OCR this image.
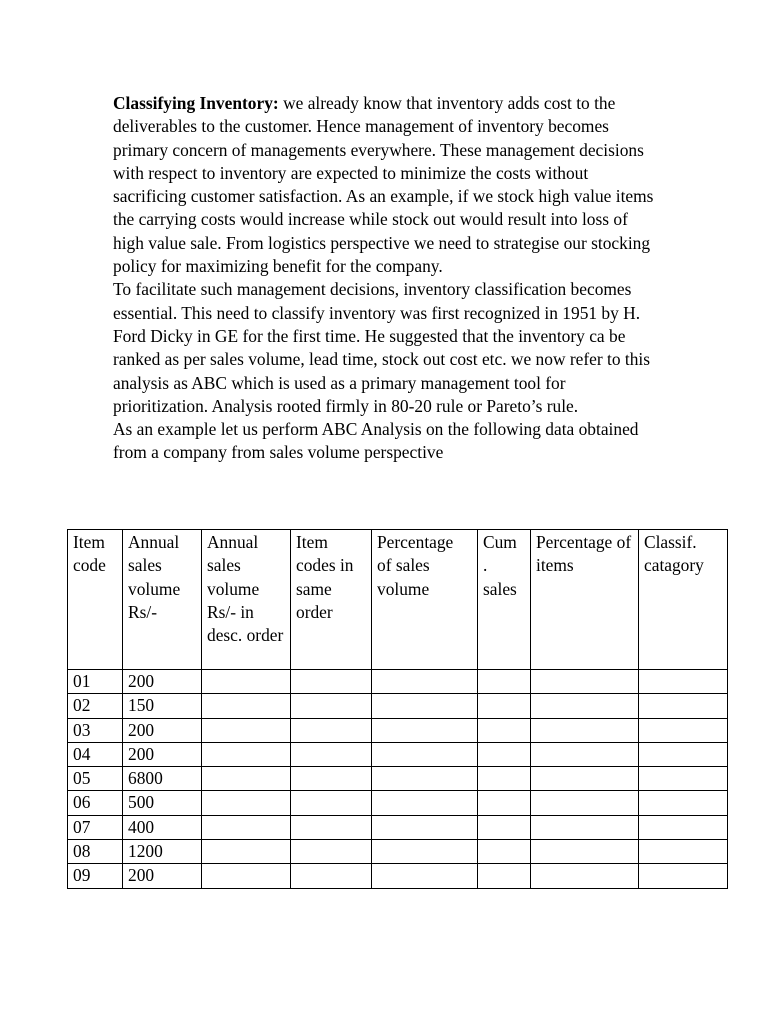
Classifying Inventory: we already know that inventory adds cost to the deliverables to the customer. Hence management of inventory becomes primary concern of managements everywhere. These management decisions with respect to inventory are expected to minimize the costs without sacrificing customer satisfaction. As an example, if we stock high value items the carrying costs would increase while stock out would result into loss of high value sale. From logistics perspective we need to strategise our stocking policy for maximizing benefit for the company.

To facilitate such management decisions, inventory classification becomes essential. This need to classify inventory was first recognized in 1951 by H. Ford Dicky in GE for the first time. He suggested that the inventory ca be ranked as per sales volume, lead time, stock out cost etc. we now refer to this analysis as ABC which is used as a primary management tool for prioritization. Analysis rooted firmly in 80-20 rule or Pareto’s rule.

As an example let us perform ABC Analysis on the following data obtained from a company from sales volume perspective

Item code	Annual sales volume Rs/-	Annual sales volume Rs/- in desc. order	Item codes in same order	Percentage of sales volume	Cum . sales	Percentage of items	Classif. catagory
01	200						
02	150						
03	200						
04	200						
05	6800						
06	500						
07	400						
08	1200						
09	200						
